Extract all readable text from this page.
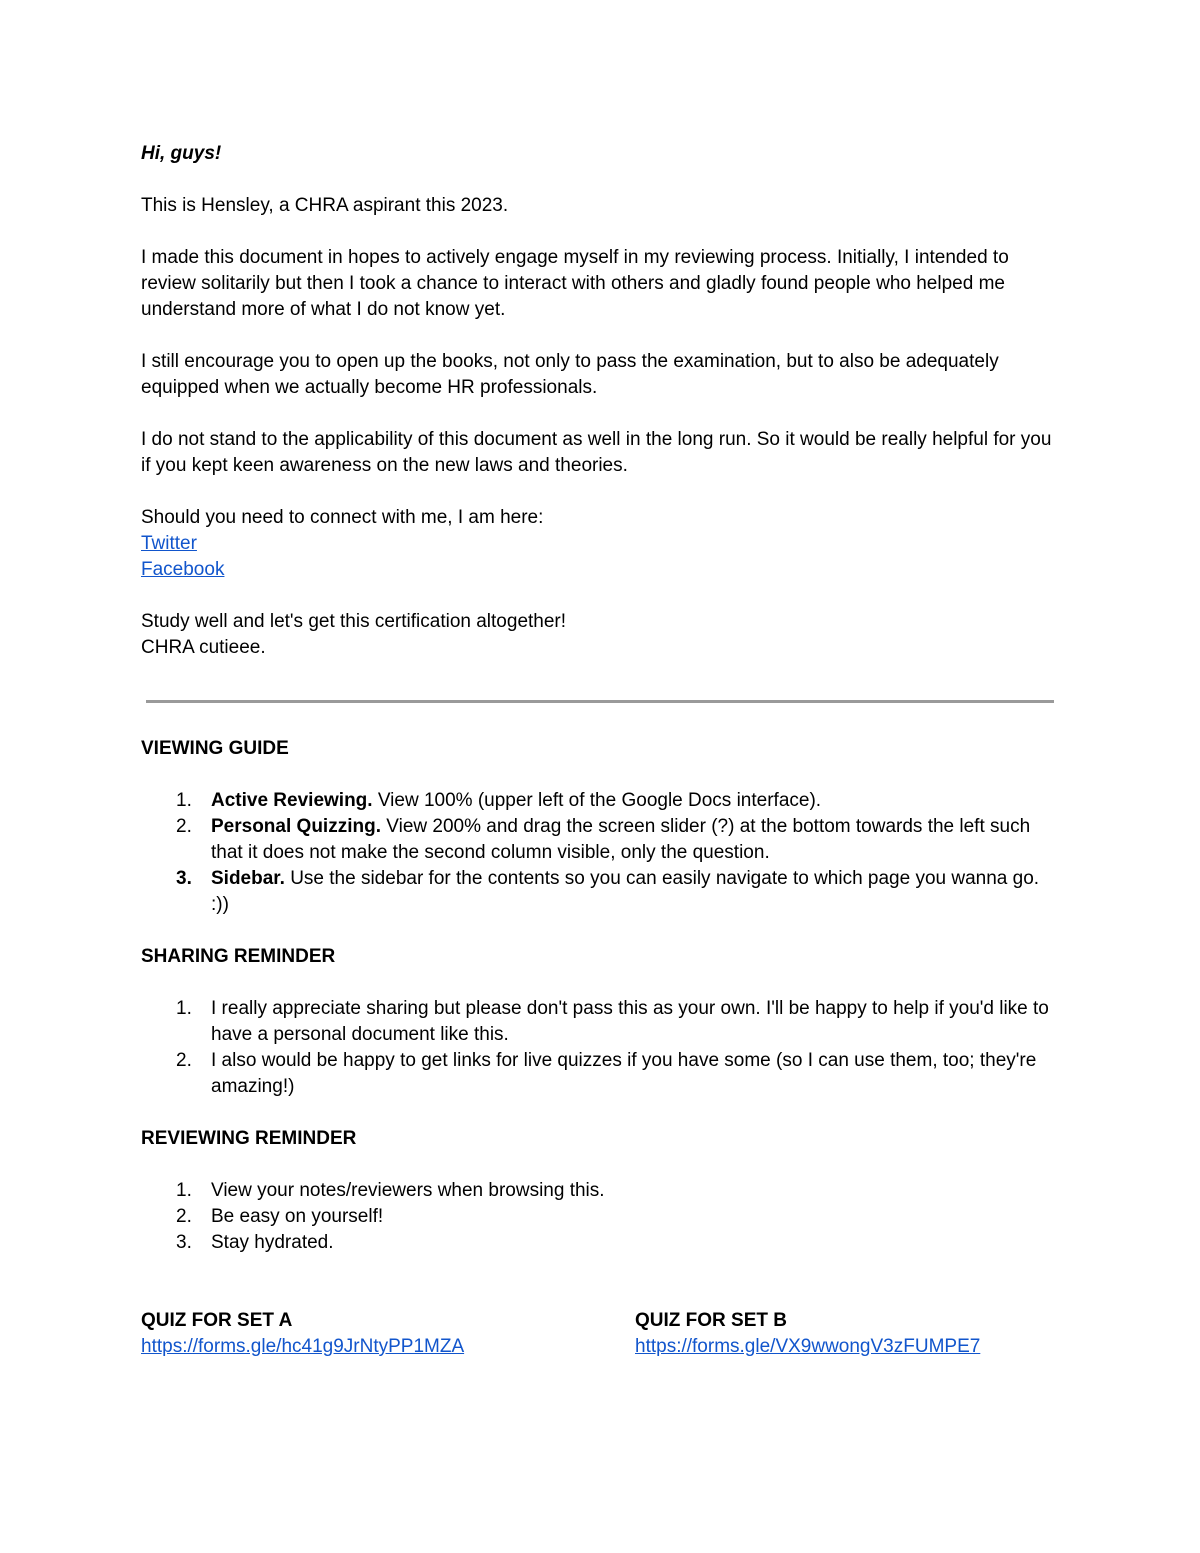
Hi, guys!

This is Hensley, a CHRA aspirant this 2023.

I made this document in hopes to actively engage myself in my reviewing process. Initially, I intended to review solitarily but then I took a chance to interact with others and gladly found people who helped me understand more of what I do not know yet.

I still encourage you to open up the books, not only to pass the examination, but to also be adequately equipped when we actually become HR professionals.

I do not stand to the applicability of this document as well in the long run. So it would be really helpful for you if you kept keen awareness on the new laws and theories.

Should you need to connect with me, I am here:

Twitter

Facebook

Study well and let's get this certification altogether!

CHRA cutieee.

VIEWING GUIDE

1.	Active Reviewing. View 100% (upper left of the Google Docs interface).
2.	Personal Quizzing. View 200% and drag the screen slider (?) at the bottom towards the left such that it does not make the second column visible, only the question.
3.	Sidebar. Use the sidebar for the contents so you can easily navigate to which page you wanna go. :))

SHARING REMINDER

1.	I really appreciate sharing but please don't pass this as your own. I'll be happy to help if you'd like to have a personal document like this.
2.	I also would be happy to get links for live quizzes if you have some (so I can use them, too; they're amazing!)

REVIEWING REMINDER

1.	View your notes/reviewers when browsing this.
2.	Be easy on yourself!
3.	Stay hydrated.

QUIZ FOR SET A

https://forms.gle/hc41g9JrNtyPP1MZA

QUIZ FOR SET B

https://forms.gle/VX9wwongV3zFUMPE7
